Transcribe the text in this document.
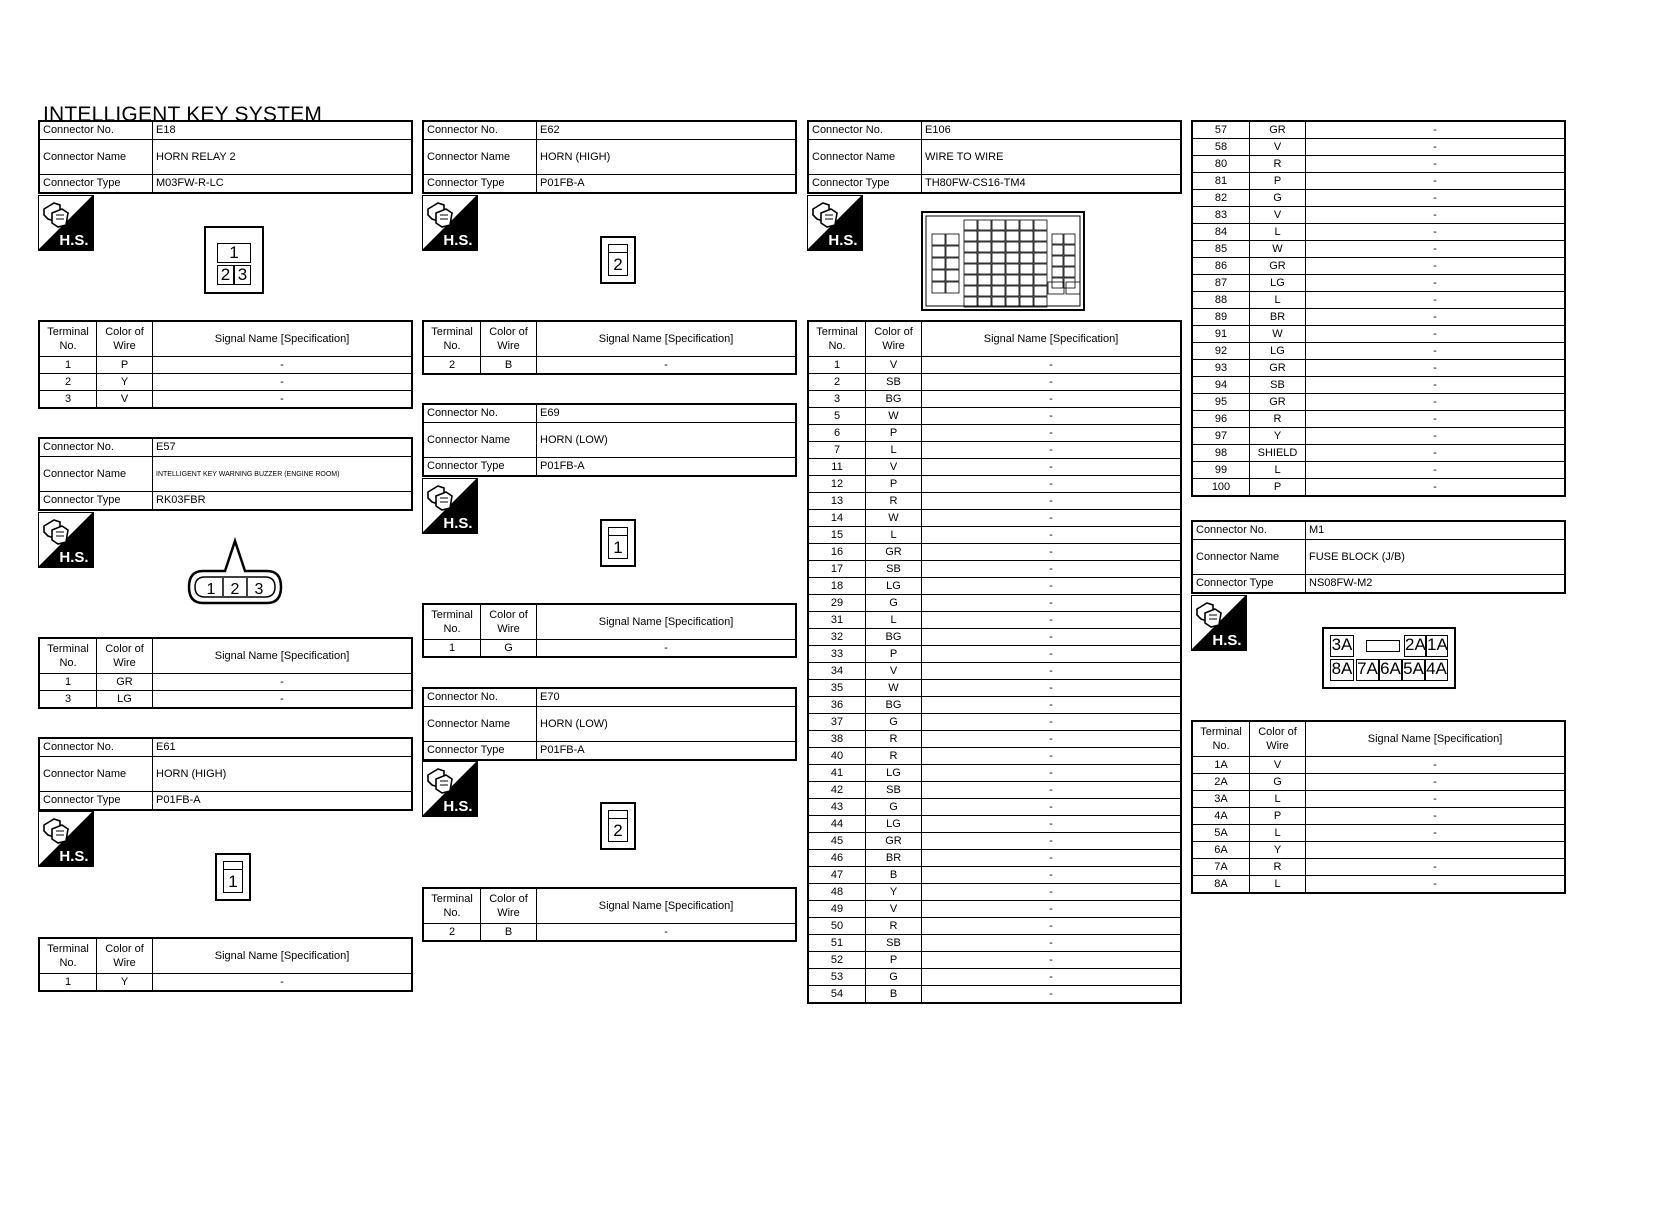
INTELLIGENT KEY SYSTEM
Connector No.	E18
Connector Name	HORN RELAY 2
Connector Type	M03FW-R-LC
H.S.
1
2 3
Terminal No.	Color of Wire	Signal Name [Specification]
1	P	-
2	Y	-
3	V	-
Connector No.	E57
Connector Name	INTELLIGENT KEY WARNING BUZZER (ENGINE ROOM)
Connector Type	RK03FBR
H.S.
1 2 3
Terminal No.	Color of Wire	Signal Name [Specification]
1	GR	-
3	LG	-
Connector No.	E61
Connector Name	HORN (HIGH)
Connector Type	P01FB-A
H.S.
1
Terminal No.	Color of Wire	Signal Name [Specification]
1	Y	-
Connector No.	E62
Connector Name	HORN (HIGH)
Connector Type	P01FB-A
H.S.
2
Terminal No.	Color of Wire	Signal Name [Specification]
2	B	-
Connector No.	E69
Connector Name	HORN (LOW)
Connector Type	P01FB-A
H.S.
1
Terminal No.	Color of Wire	Signal Name [Specification]
1	G	-
Connector No.	E70
Connector Name	HORN (LOW)
Connector Type	P01FB-A
H.S.
2
Terminal No.	Color of Wire	Signal Name [Specification]
2	B	-
Connector No.	E106
Connector Name	WIRE TO WIRE
Connector Type	TH80FW-CS16-TM4
H.S.
Terminal No.	Color of Wire	Signal Name [Specification]
1	V	-
2	SB	-
3	BG	-
5	W	-
6	P	-
7	L	-
11	V	-
12	P	-
13	R	-
14	W	-
15	L	-
16	GR	-
17	SB	-
18	LG	-
29	G	-
31	L	-
32	BG	-
33	P	-
34	V	-
35	W	-
36	BG	-
37	G	-
38	R	-
40	R	-
41	LG	-
42	SB	-
43	G	-
44	LG	-
45	GR	-
46	BR	-
47	B	-
48	Y	-
49	V	-
50	R	-
51	SB	-
52	P	-
53	G	-
54	B	-
57	GR	-
58	V	-
80	R	-
81	P	-
82	G	-
83	V	-
84	L	-
85	W	-
86	GR	-
87	LG	-
88	L	-
89	BR	-
91	W	-
92	LG	-
93	GR	-
94	SB	-
95	GR	-
96	R	-
97	Y	-
98	SHIELD	-
99	L	-
100	P	-
Connector No.	M1
Connector Name	FUSE BLOCK (J/B)
Connector Type	NS08FW-M2
H.S.	3A	2A 1A
8A 7A 6A 5A 4A
Terminal No.	Color of Wire	Signal Name [Specification]
1A	V	-
2A	G	-
3A	L	-
4A	P	-
5A	L	-
6A	Y	
7A	R	-
8A	L	-
